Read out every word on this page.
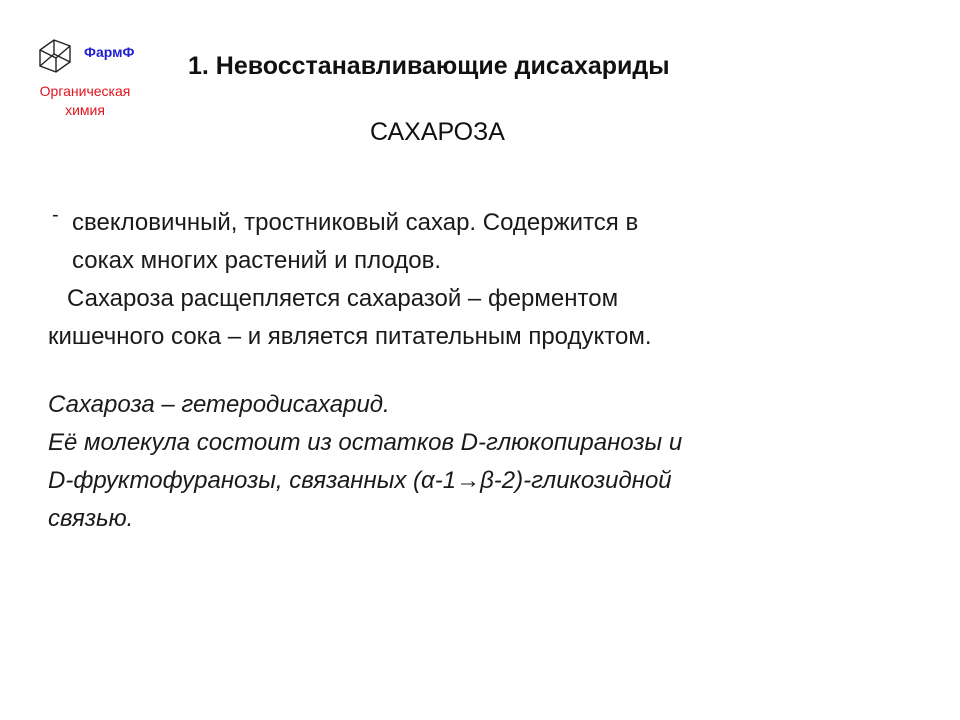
ФармФ
Органическая
химия
1. Невосстанавливающие дисахариды
САХАРОЗА
- свекловичный, тростниковый сахар. Содержится в
соках многих растений и плодов.
Сахароза расщепляется сахаразой – ферментом
кишечного сока – и является питательным продуктом.
Сахароза – гетеродисахарид.
Её молекула состоит из остатков D-глюкопиранозы и
D-фруктофуранозы, связанных (α-1→β-2)-гликозидной
связью.
